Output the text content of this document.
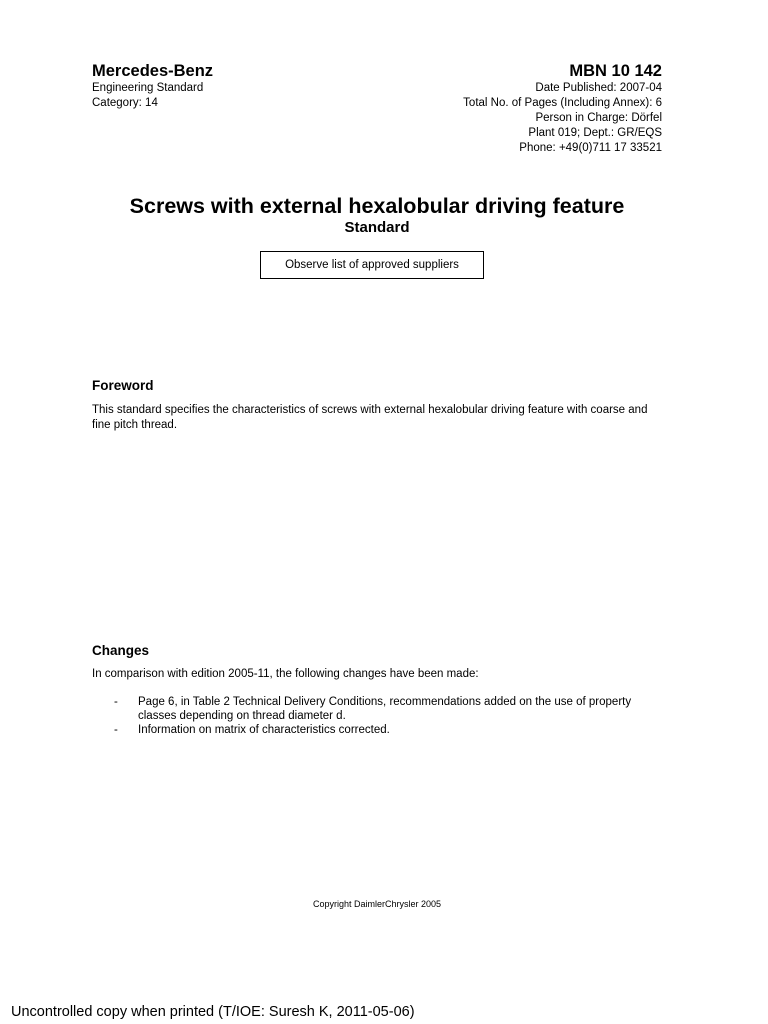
Mercedes-Benz

Engineering Standard

Category: 14

MBN 10 142

Date Published: 2007-04

Total No. of Pages (Including Annex): 6

Person in Charge: Dörfel

Plant 019; Dept.: GR/EQS

Phone: +49(0)711 17 33521

Screws with external hexalobular driving feature

Standard

Observe list of approved suppliers

Foreword

This standard specifies the characteristics of screws with external hexalobular driving feature with coarse and fine pitch thread.

Changes

In comparison with edition 2005-11, the following changes have been made:

- Page 6, in Table 2 Technical Delivery Conditions, recommendations added on the use of property classes depending on thread diameter d.
- Information on matrix of characteristics corrected.
Copyright DaimlerChrysler 2005
Uncontrolled copy when printed (T/IOE: Suresh K, 2011-05-06)
